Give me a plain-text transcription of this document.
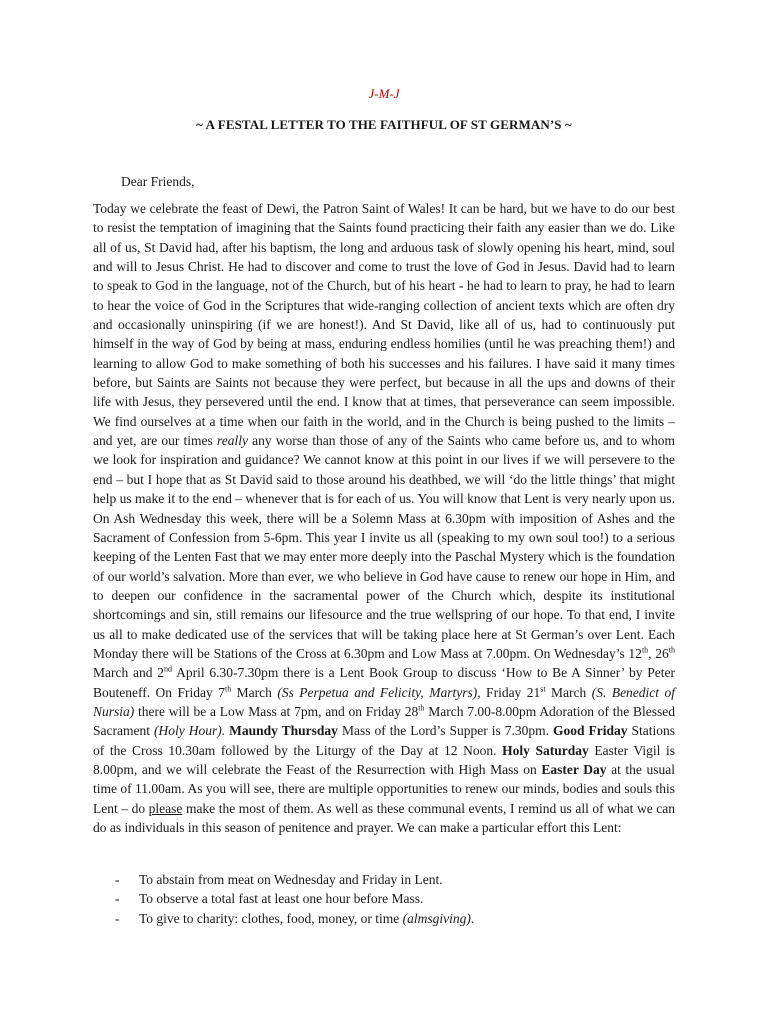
J-M-J
~ A FESTAL LETTER TO THE FAITHFUL OF ST GERMAN’S ~
Dear Friends,
Today we celebrate the feast of Dewi, the Patron Saint of Wales! It can be hard, but we have to do our best to resist the temptation of imagining that the Saints found practicing their faith any easier than we do. Like all of us, St David had, after his baptism, the long and arduous task of slowly opening his heart, mind, soul and will to Jesus Christ. He had to discover and come to trust the love of God in Jesus. David had to learn to speak to God in the language, not of the Church, but of his heart - he had to learn to pray, he had to learn to hear the voice of God in the Scriptures that wide-ranging collection of ancient texts which are often dry and occasionally uninspiring (if we are honest!). And St David, like all of us, had to continuously put himself in the way of God by being at mass, enduring endless homilies (until he was preaching them!) and learning to allow God to make something of both his successes and his failures. I have said it many times before, but Saints are Saints not because they were perfect, but because in all the ups and downs of their life with Jesus, they persevered until the end. I know that at times, that perseverance can seem impossible. We find ourselves at a time when our faith in the world, and in the Church is being pushed to the limits – and yet, are our times really any worse than those of any of the Saints who came before us, and to whom we look for inspiration and guidance? We cannot know at this point in our lives if we will persevere to the end – but I hope that as St David said to those around his deathbed, we will ‘do the little things’ that might help us make it to the end – whenever that is for each of us. You will know that Lent is very nearly upon us. On Ash Wednesday this week, there will be a Solemn Mass at 6.30pm with imposition of Ashes and the Sacrament of Confession from 5-6pm. This year I invite us all (speaking to my own soul too!) to a serious keeping of the Lenten Fast that we may enter more deeply into the Paschal Mystery which is the foundation of our world’s salvation. More than ever, we who believe in God have cause to renew our hope in Him, and to deepen our confidence in the sacramental power of the Church which, despite its institutional shortcomings and sin, still remains our lifesource and the true wellspring of our hope. To that end, I invite us all to make dedicated use of the services that will be taking place here at St German’s over Lent. Each Monday there will be Stations of the Cross at 6.30pm and Low Mass at 7.00pm. On Wednesday’s 12th, 26th March and 2nd April 6.30-7.30pm there is a Lent Book Group to discuss ‘How to Be A Sinner’ by Peter Bouteneff. On Friday 7th March (Ss Perpetua and Felicity, Martyrs), Friday 21st March (S. Benedict of Nursia) there will be a Low Mass at 7pm, and on Friday 28th March 7.00-8.00pm Adoration of the Blessed Sacrament (Holy Hour). Maundy Thursday Mass of the Lord’s Supper is 7.30pm. Good Friday Stations of the Cross 10.30am followed by the Liturgy of the Day at 12 Noon. Holy Saturday Easter Vigil is 8.00pm, and we will celebrate the Feast of the Resurrection with High Mass on Easter Day at the usual time of 11.00am. As you will see, there are multiple opportunities to renew our minds, bodies and souls this Lent – do please make the most of them. As well as these communal events, I remind us all of what we can do as individuals in this season of penitence and prayer. We can make a particular effort this Lent:
- To abstain from meat on Wednesday and Friday in Lent.
- To observe a total fast at least one hour before Mass.
- To give to charity: clothes, food, money, or time (almsgiving).
